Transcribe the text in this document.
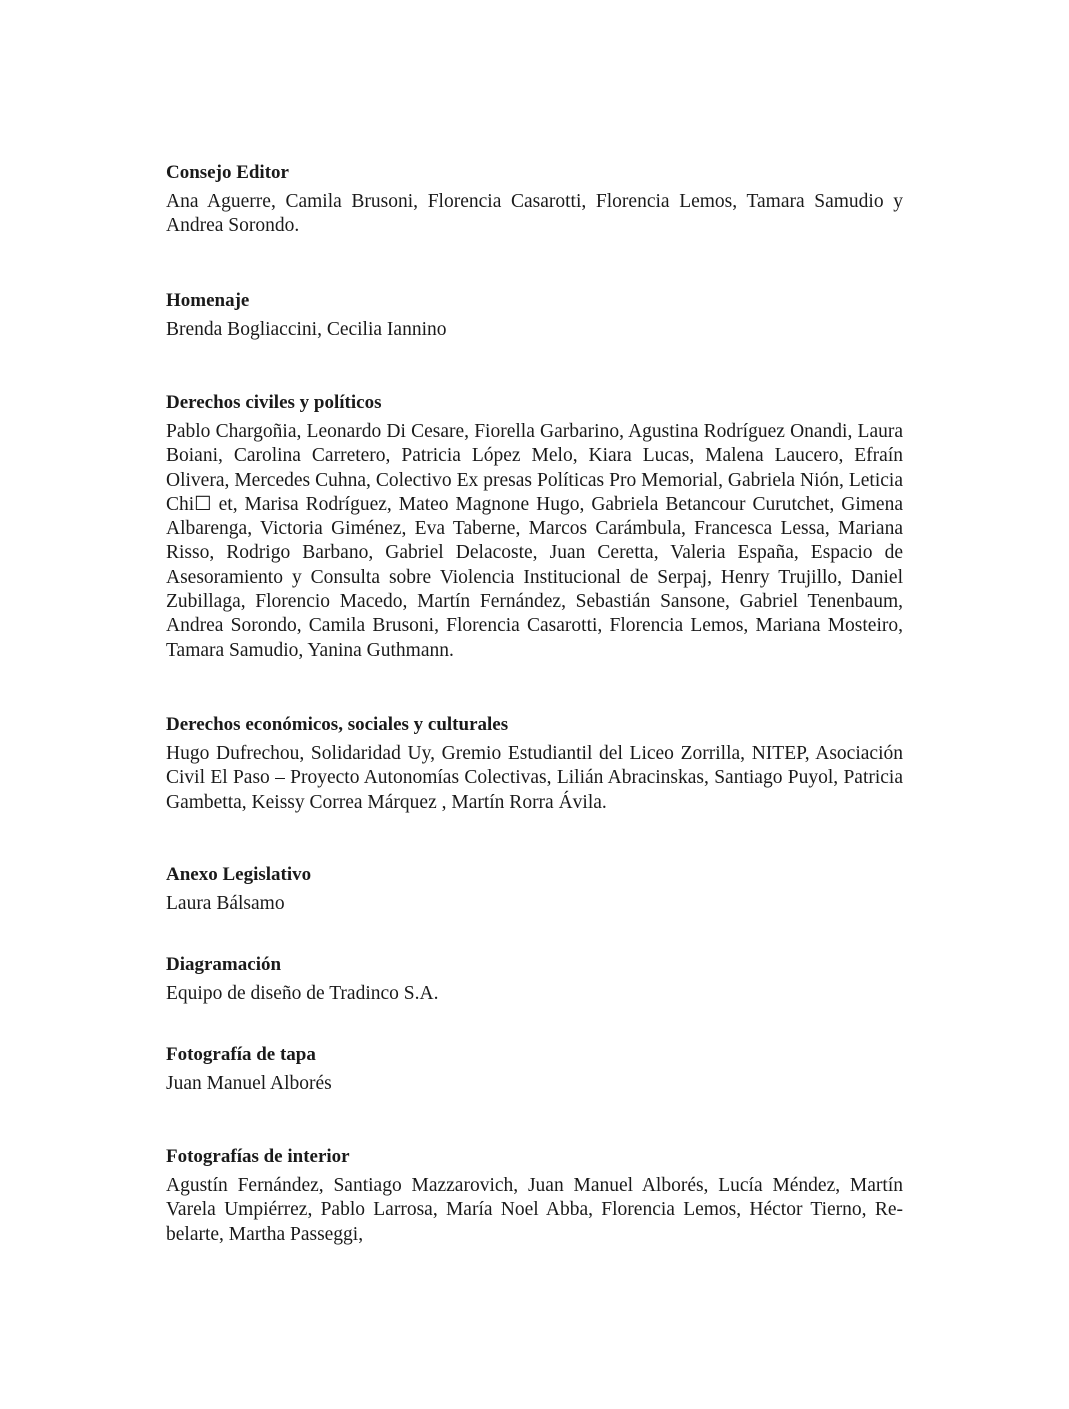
Consejo Editor

Ana Aguerre, Camila Brusoni, Florencia Casarotti, Florencia Lemos, Tamara Samudio y Andrea Sorondo.

Homenaje

Brenda Bogliaccini, Cecilia Iannino

Derechos civiles y políticos

Pablo Chargoñia, Leonardo Di Cesare, Fiorella Garbarino, Agustina Rodríguez Onandi, Laura Boiani, Carolina Carretero, Patricia López Melo, Kiara Lucas, Malena Laucero, Efraín Olivera, Mercedes Cuhna, Colectivo Ex presas Políticas Pro Memorial, Gabriela Nión, Leticia Chi☐ et, Marisa Rodríguez, Mateo Magnone Hugo, Gabriela Betancour Curutchet, Gimena Albarenga, Victoria Giménez, Eva Taberne, Marcos Carámbula, Francesca Lessa, Mariana Risso, Rodrigo Barbano, Gabriel Delacoste, Juan Ceretta, Valeria España, Espacio de Asesoramiento y Consulta sobre Violencia Institucional de Serpaj, Henry Trujillo, Daniel Zubillaga, Florencio Macedo, Martín Fernández, Sebastián Sansone, Gabriel Tenenbaum, Andrea Sorondo, Camila Brusoni, Florencia Casarotti, Florencia Lemos, Mariana Mosteiro, Tamara Samudio, Yanina Guthmann.

Derechos económicos, sociales y culturales

Hugo Dufrechou, Solidaridad Uy, Gremio Estudiantil del Liceo Zorrilla, NITEP, Asociación Civil El Paso – Proyecto Autonomías Colectivas, Lilián Abracinskas, Santiago Puyol, Patricia Gambetta, Keissy Correa Márquez , Martín Rorra Ávila.

Anexo Legislativo

Laura Bálsamo

Diagramación

Equipo de diseño de Tradinco S.A.

Fotografía de tapa

Juan Manuel Alborés

Fotografías de interior

Agustín Fernández, Santiago Mazzarovich, Juan Manuel Alborés, Lucía Méndez, Martín Varela Umpiérrez, Pablo Larrosa, María Noel Abba, Florencia Lemos, Héctor Tierno, Rebelarte, Martha Passeggi,
